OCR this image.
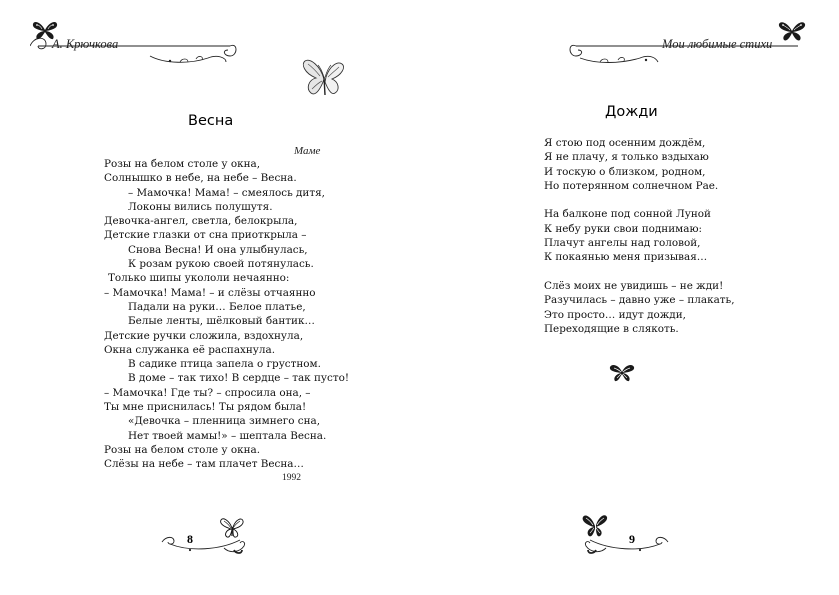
А. Крючкова
Весна
Маме
Розы на белом столе у окна,
Солнышко в небе, на небе – Весна.
– Мамочка! Мама! – смеялось дитя,
Локоны вились полушутя.
Девочка-ангел, светла, белокрыла,
Детские глазки от сна приоткрыла –
Снова Весна! И она улыбнулась,
К розам рукою своей потянулась.
Только шипы укололи нечаянно:
– Мамочка! Мама! – и слёзы отчаянно
Падали на руки… Белое платье,
Белые ленты, шёлковый бантик…
Детские ручки сложила, вздохнула,
Окна служанка её распахнула.
В садике птица запела о грустном.
В доме – так тихо! В сердце – так пусто!
– Мамочка! Где ты? – спросила она, –
Ты мне приснилась! Ты рядом была!
«Девочка – пленница зимнего сна,
Нет твоей мамы!» – шептала Весна.
Розы на белом столе у окна.
Слёзы на небе – там плачет Весна…
1992
8
Мои любимые стихи
Дожди
Я стою под осенним дождём,
Я не плачу, я только вздыхаю
И тоскую о близком, родном,
Но потерянном солнечном Рае.
На балконе под сонной Луной
К небу руки свои поднимаю:
Плачут ангелы над головой,
К покаянью меня призывая…
Слёз моих не увидишь – не жди!
Разучилась – давно уже – плакать,
Это просто… идут дожди,
Переходящие в слякоть.
9
